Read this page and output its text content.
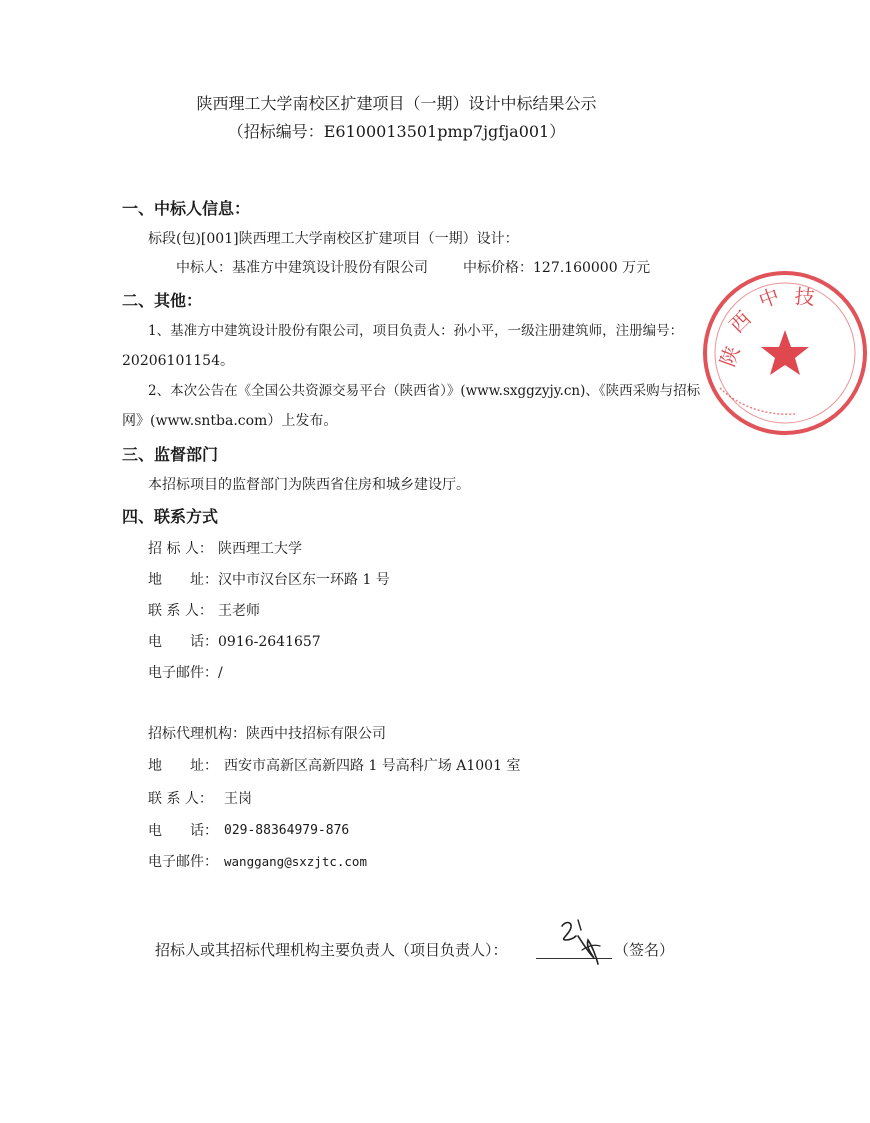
陕西理工大学南校区扩建项目（一期）设计中标结果公示
（招标编号：E6100013501pmp7jgfja001）
一、中标人信息：
标段(包)[001]陕西理工大学南校区扩建项目（一期）设计：
中标人：基准方中建筑设计股份有限公司	中标价格：127.160000 万元
二、其他：
1、基准方中建筑设计股份有限公司，项目负责人：孙小平，一级注册建筑师，注册编号：
20206101154。
2、本次公告在《全国公共资源交易平台（陕西省）》(www.sxggzyjy.cn)、《陕西采购与招标
网》(www.sntba.com）上发布。
三、监督部门
本招标项目的监督部门为陕西省住房和城乡建设厅。
四、联系方式
招 标 人： 陕西理工大学
地　　址： 汉中市汉台区东一环路 1 号
联 系 人： 王老师
电　　话： 0916-2641657
电子邮件： /
招标代理机构： 陕西中技招标有限公司
地　　址： 西安市高新区高新四路 1 号高科广场 A1001 室
联 系 人： 王岗
电　　话： 029-88364979-876
电子邮件： wanggang@sxzjtc.com
招标人或其招标代理机构主要负责人（项目负责人）：	（签名）
陕
西
中 技
